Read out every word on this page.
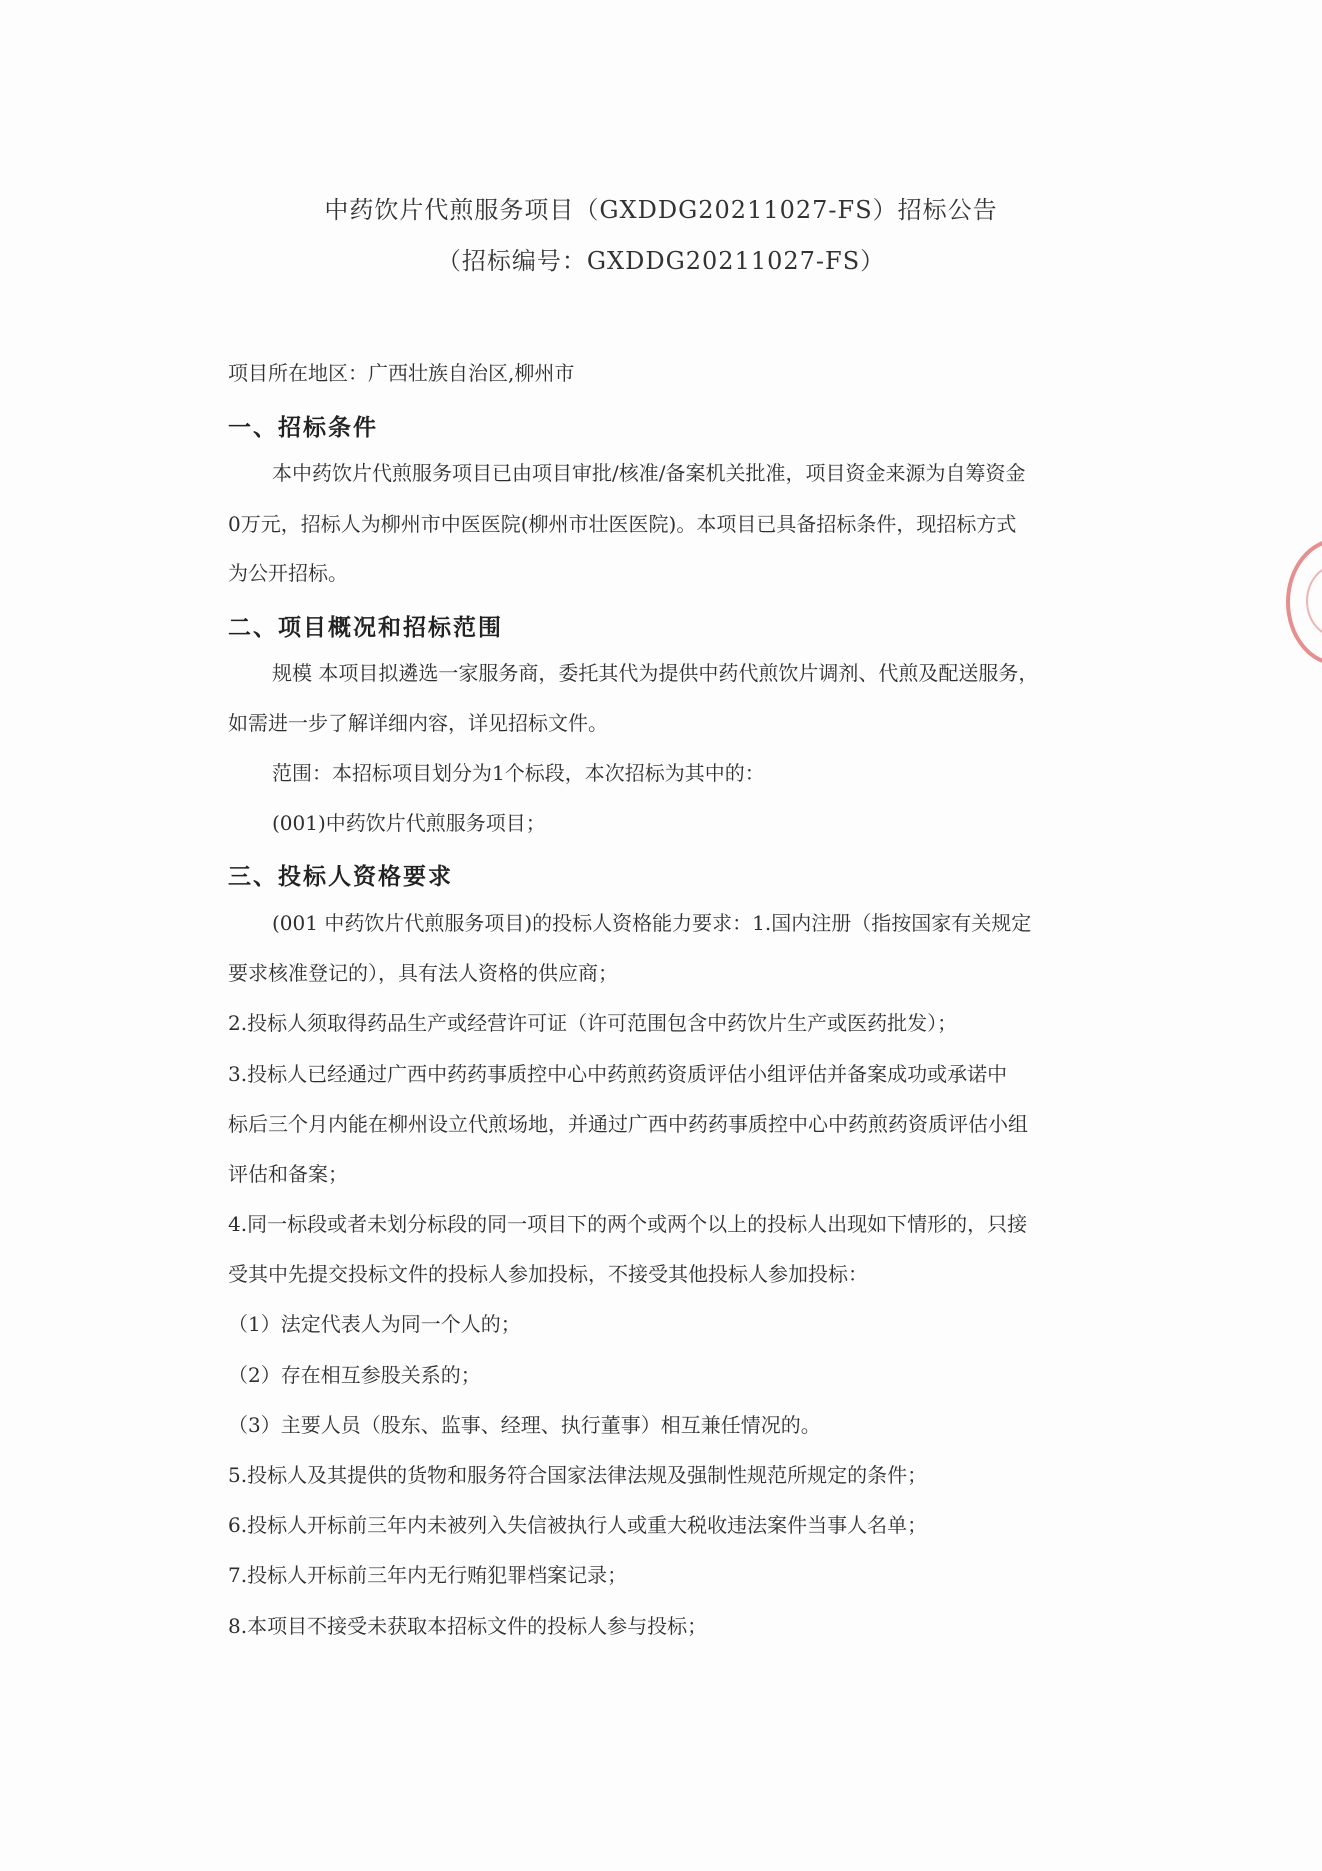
中药饮片代煎服务项目（GXDDG20211027-FS）招标公告
（招标编号：GXDDG20211027-FS）
项目所在地区：广西壮族自治区,柳州市
一、招标条件
本中药饮片代煎服务项目已由项目审批/核准/备案机关批准，项目资金来源为自筹资金
0万元，招标人为柳州市中医医院(柳州市壮医医院)。本项目已具备招标条件，现招标方式
为公开招标。
二、项目概况和招标范围
规模 本项目拟遴选一家服务商，委托其代为提供中药代煎饮片调剂、代煎及配送服务，
如需进一步了解详细内容，详见招标文件。
范围：本招标项目划分为1个标段，本次招标为其中的：
(001)中药饮片代煎服务项目；
三、投标人资格要求
(001 中药饮片代煎服务项目)的投标人资格能力要求：1.国内注册（指按国家有关规定
要求核准登记的），具有法人资格的供应商；
2.投标人须取得药品生产或经营许可证（许可范围包含中药饮片生产或医药批发）；
3.投标人已经通过广西中药药事质控中心中药煎药资质评估小组评估并备案成功或承诺中
标后三个月内能在柳州设立代煎场地，并通过广西中药药事质控中心中药煎药资质评估小组
评估和备案；
4.同一标段或者未划分标段的同一项目下的两个或两个以上的投标人出现如下情形的，只接
受其中先提交投标文件的投标人参加投标，不接受其他投标人参加投标：
（1）法定代表人为同一个人的；
（2）存在相互参股关系的；
（3）主要人员（股东、监事、经理、执行董事）相互兼任情况的。
5.投标人及其提供的货物和服务符合国家法律法规及强制性规范所规定的条件；
6.投标人开标前三年内未被列入失信被执行人或重大税收违法案件当事人名单；
7.投标人开标前三年内无行贿犯罪档案记录；
8.本项目不接受未获取本招标文件的投标人参与投标；
